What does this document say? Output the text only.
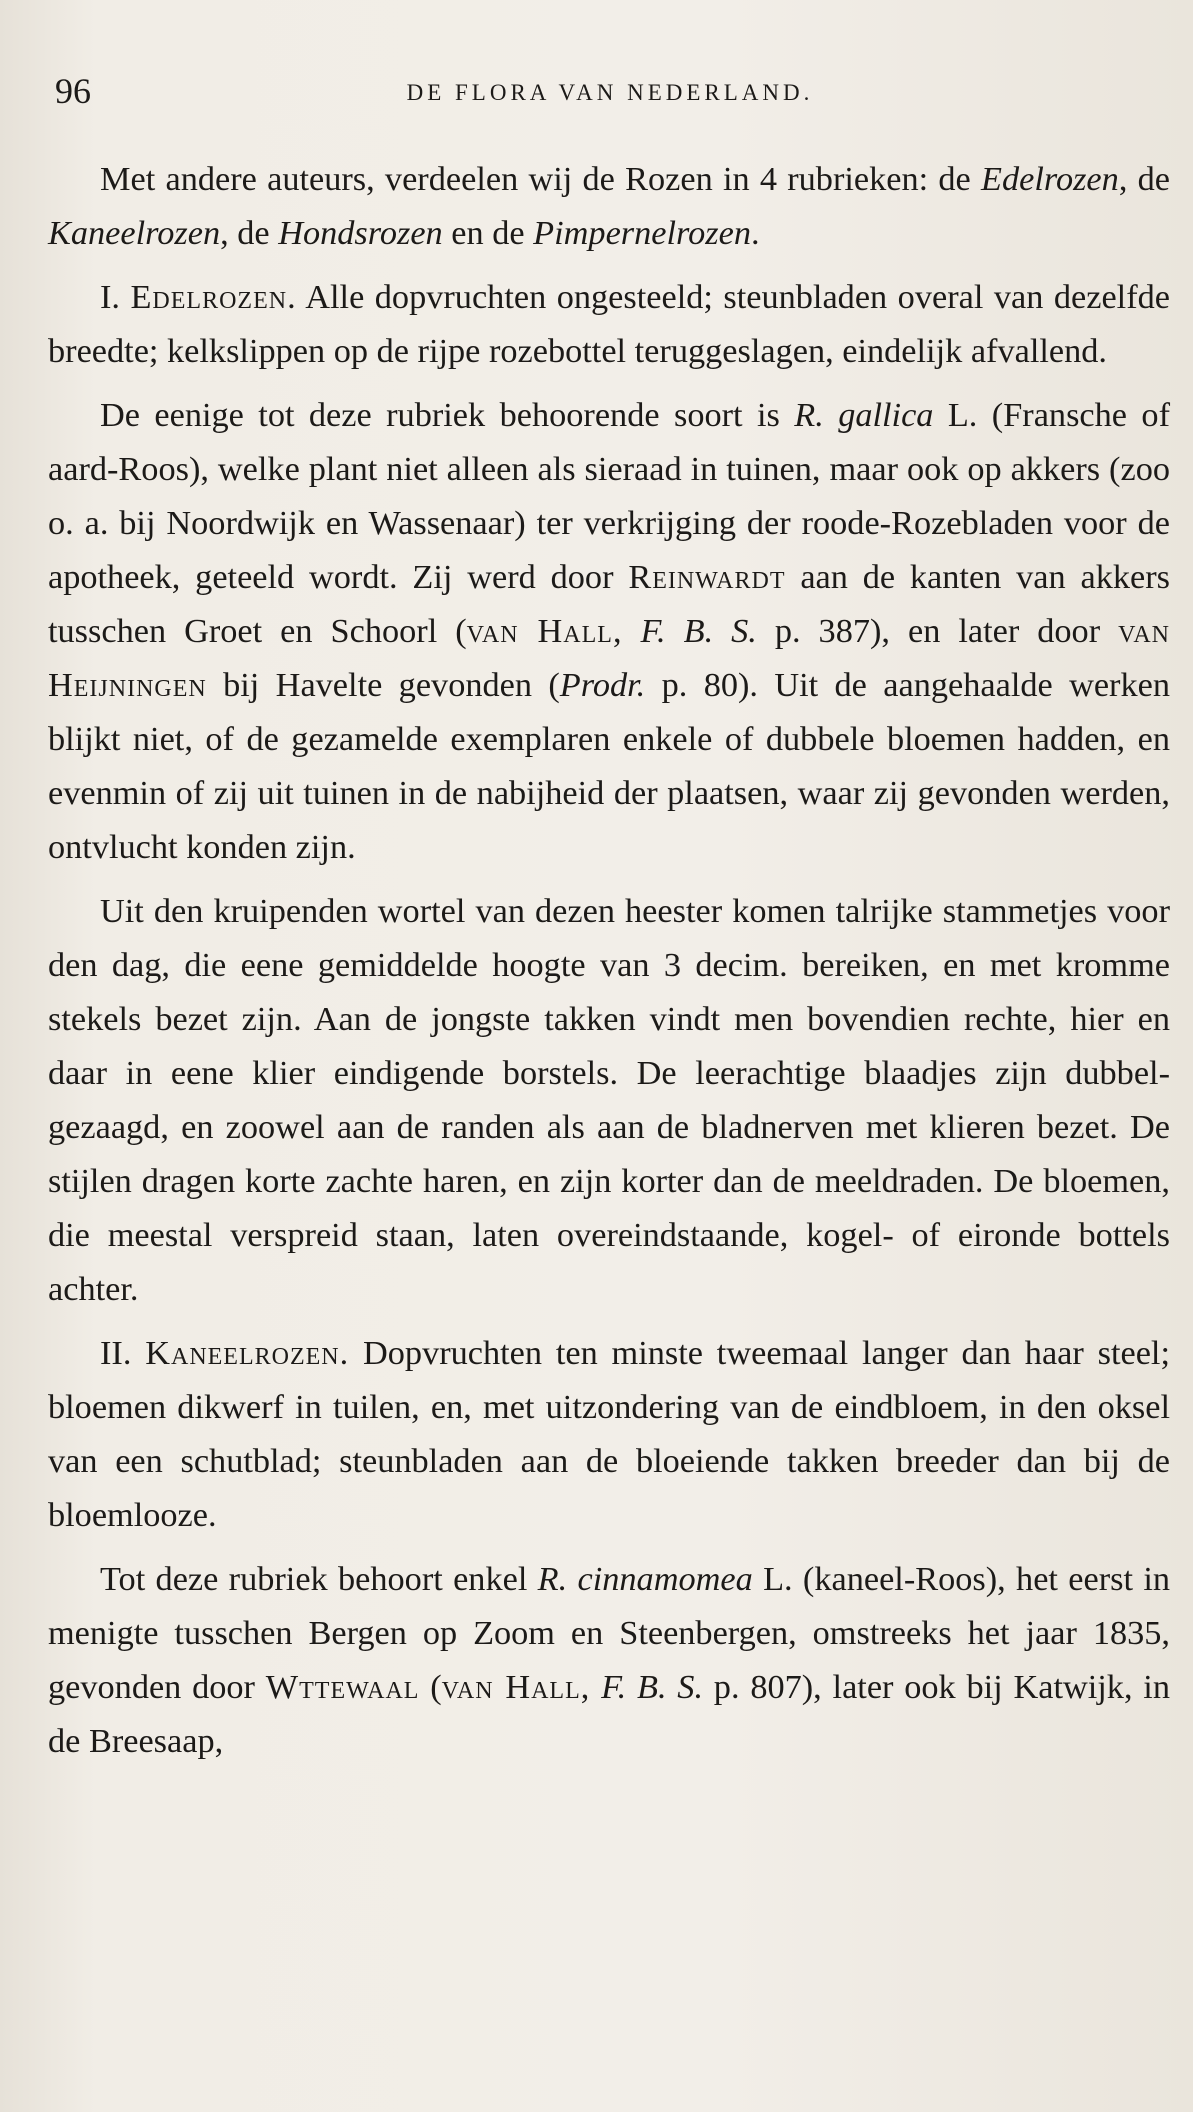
96	DE FLORA VAN NEDERLAND.

Met andere auteurs, verdeelen wij de Rozen in 4 rubrieken: de Edelrozen, de Kaneelrozen, de Hondsrozen en de Pimpernelrozen.

I. Edelrozen. Alle dopvruchten ongesteeld; steunbladen overal van dezelfde breedte; kelkslippen op de rijpe rozebottel teruggeslagen, eindelijk afvallend.

De eenige tot deze rubriek behoorende soort is R. gallica L. (Fransche of aard-Roos), welke plant niet alleen als sieraad in tuinen, maar ook op akkers (zoo o. a. bij Noordwijk en Wassenaar) ter verkrijging der roode-Rozebladen voor de apotheek, geteeld wordt. Zij werd door Reinwardt aan de kanten van akkers tusschen Groet en Schoorl (van Hall, F. B. S. p. 387), en later door van Heijningen bij Havelte gevonden (Prodr. p. 80). Uit de aangehaalde werken blijkt niet, of de gezamelde exemplaren enkele of dubbele bloemen hadden, en evenmin of zij uit tuinen in de nabijheid der plaatsen, waar zij gevonden werden, ontvlucht konden zijn.

Uit den kruipenden wortel van dezen heester komen talrijke stammetjes voor den dag, die eene gemiddelde hoogte van 3 decim. bereiken, en met kromme stekels bezet zijn. Aan de jongste takken vindt men bovendien rechte, hier en daar in eene klier eindigende borstels. De leerachtige blaadjes zijn dubbel-gezaagd, en zoowel aan de randen als aan de bladnerven met klieren bezet. De stijlen dragen korte zachte haren, en zijn korter dan de meeldraden. De bloemen, die meestal verspreid staan, laten overeindstaande, kogel- of eironde bottels achter.

II. Kaneelrozen. Dopvruchten ten minste tweemaal langer dan haar steel; bloemen dikwerf in tuilen, en, met uitzondering van de eindbloem, in den oksel van een schutblad; steunbladen aan de bloeiende takken breeder dan bij de bloemlooze.

Tot deze rubriek behoort enkel R. cinnamomea L. (kaneel-Roos), het eerst in menigte tusschen Bergen op Zoom en Steenbergen, omstreeks het jaar 1835, gevonden door Wttewaal (van Hall, F. B. S. p. 807), later ook bij Katwijk, in de Breesaap,
